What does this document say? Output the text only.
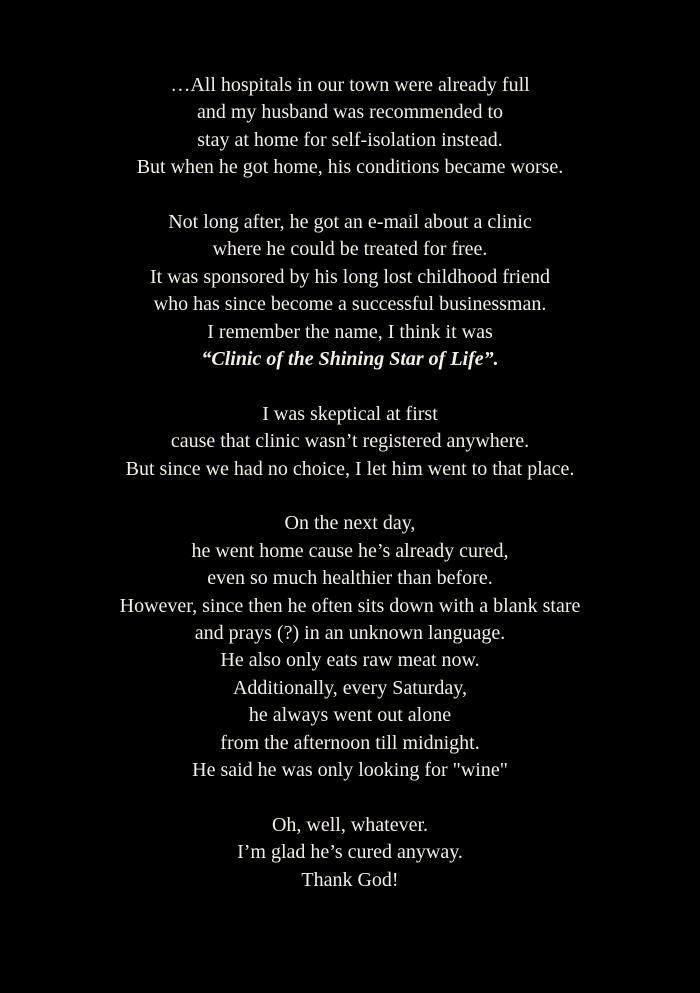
…All hospitals in our town were already full
and my husband was recommended to
stay at home for self-isolation instead.
But when he got home, his conditions became worse.
Not long after, he got an e-mail about a clinic
where he could be treated for free.
It was sponsored by his long lost childhood friend
who has since become a successful businessman.
I remember the name, I think it was
“Clinic of the Shining Star of Life”.
I was skeptical at first
cause that clinic wasn’t registered anywhere.
But since we had no choice, I let him went to that place.
On the next day,
he went home cause he’s already cured,
even so much healthier than before.
However, since then he often sits down with a blank stare
and prays (?) in an unknown language.
He also only eats raw meat now.
Additionally, every Saturday,
he always went out alone
from the afternoon till midnight.
He said he was only looking for "wine"
Oh, well, whatever.
I’m glad he’s cured anyway.
Thank God!
